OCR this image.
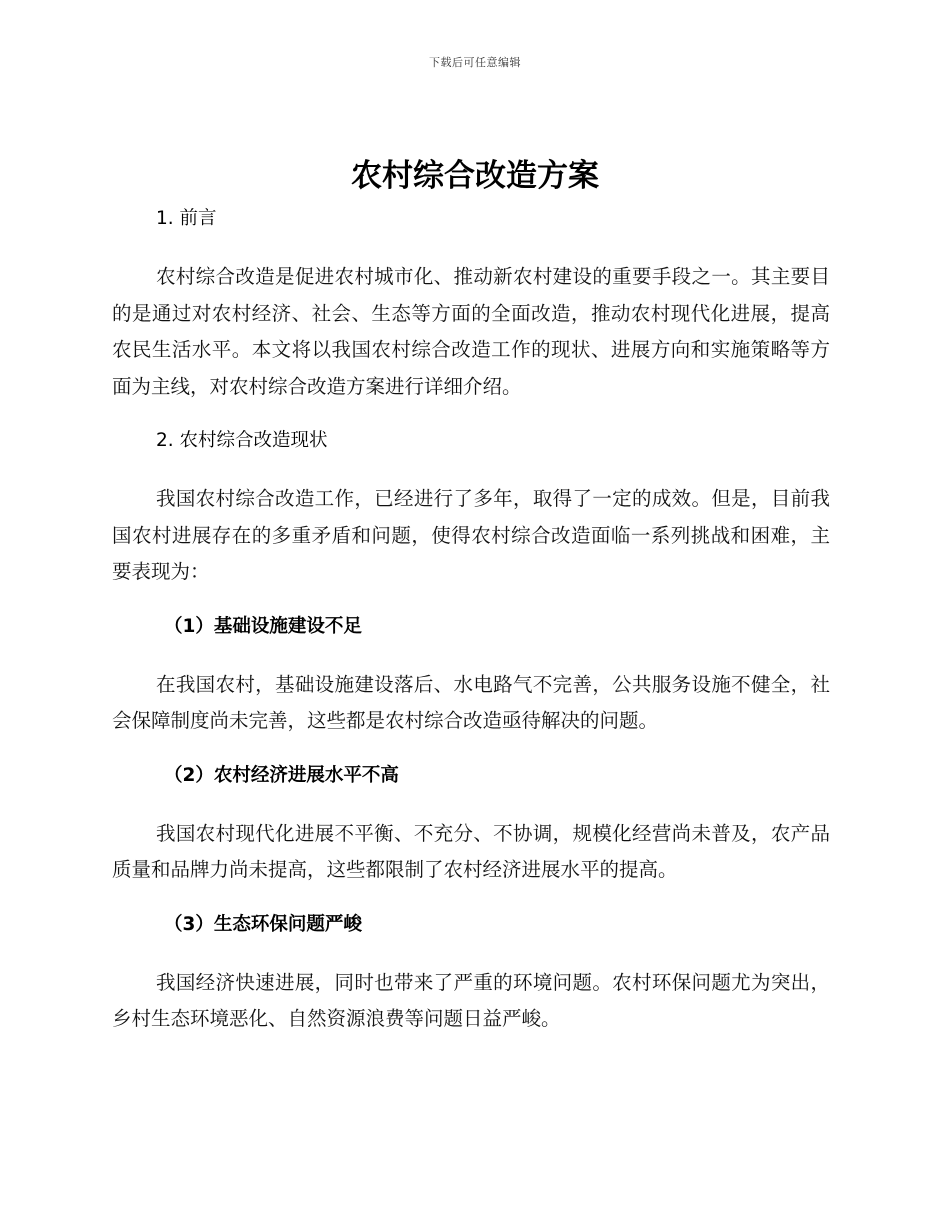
下载后可任意编辑
农村综合改造方案
1. 前言

农村综合改造是促进农村城市化、推动新农村建设的重要手段之一。其主要目的是通过对农村经济、社会、生态等方面的全面改造，推动农村现代化进展，提高农民生活水平。本文将以我国农村综合改造工作的现状、进展方向和实施策略等方面为主线，对农村综合改造方案进行详细介绍。

2. 农村综合改造现状

我国农村综合改造工作，已经进行了多年，取得了一定的成效。但是，目前我国农村进展存在的多重矛盾和问题，使得农村综合改造面临一系列挑战和困难，主要表现为：

（1）基础设施建设不足

在我国农村，基础设施建设落后、水电路气不完善，公共服务设施不健全，社会保障制度尚未完善，这些都是农村综合改造亟待解决的问题。

（2）农村经济进展水平不高

我国农村现代化进展不平衡、不充分、不协调，规模化经营尚未普及，农产品质量和品牌力尚未提高，这些都限制了农村经济进展水平的提高。

（3）生态环保问题严峻

我国经济快速进展，同时也带来了严重的环境问题。农村环保问题尤为突出，乡村生态环境恶化、自然资源浪费等问题日益严峻。
